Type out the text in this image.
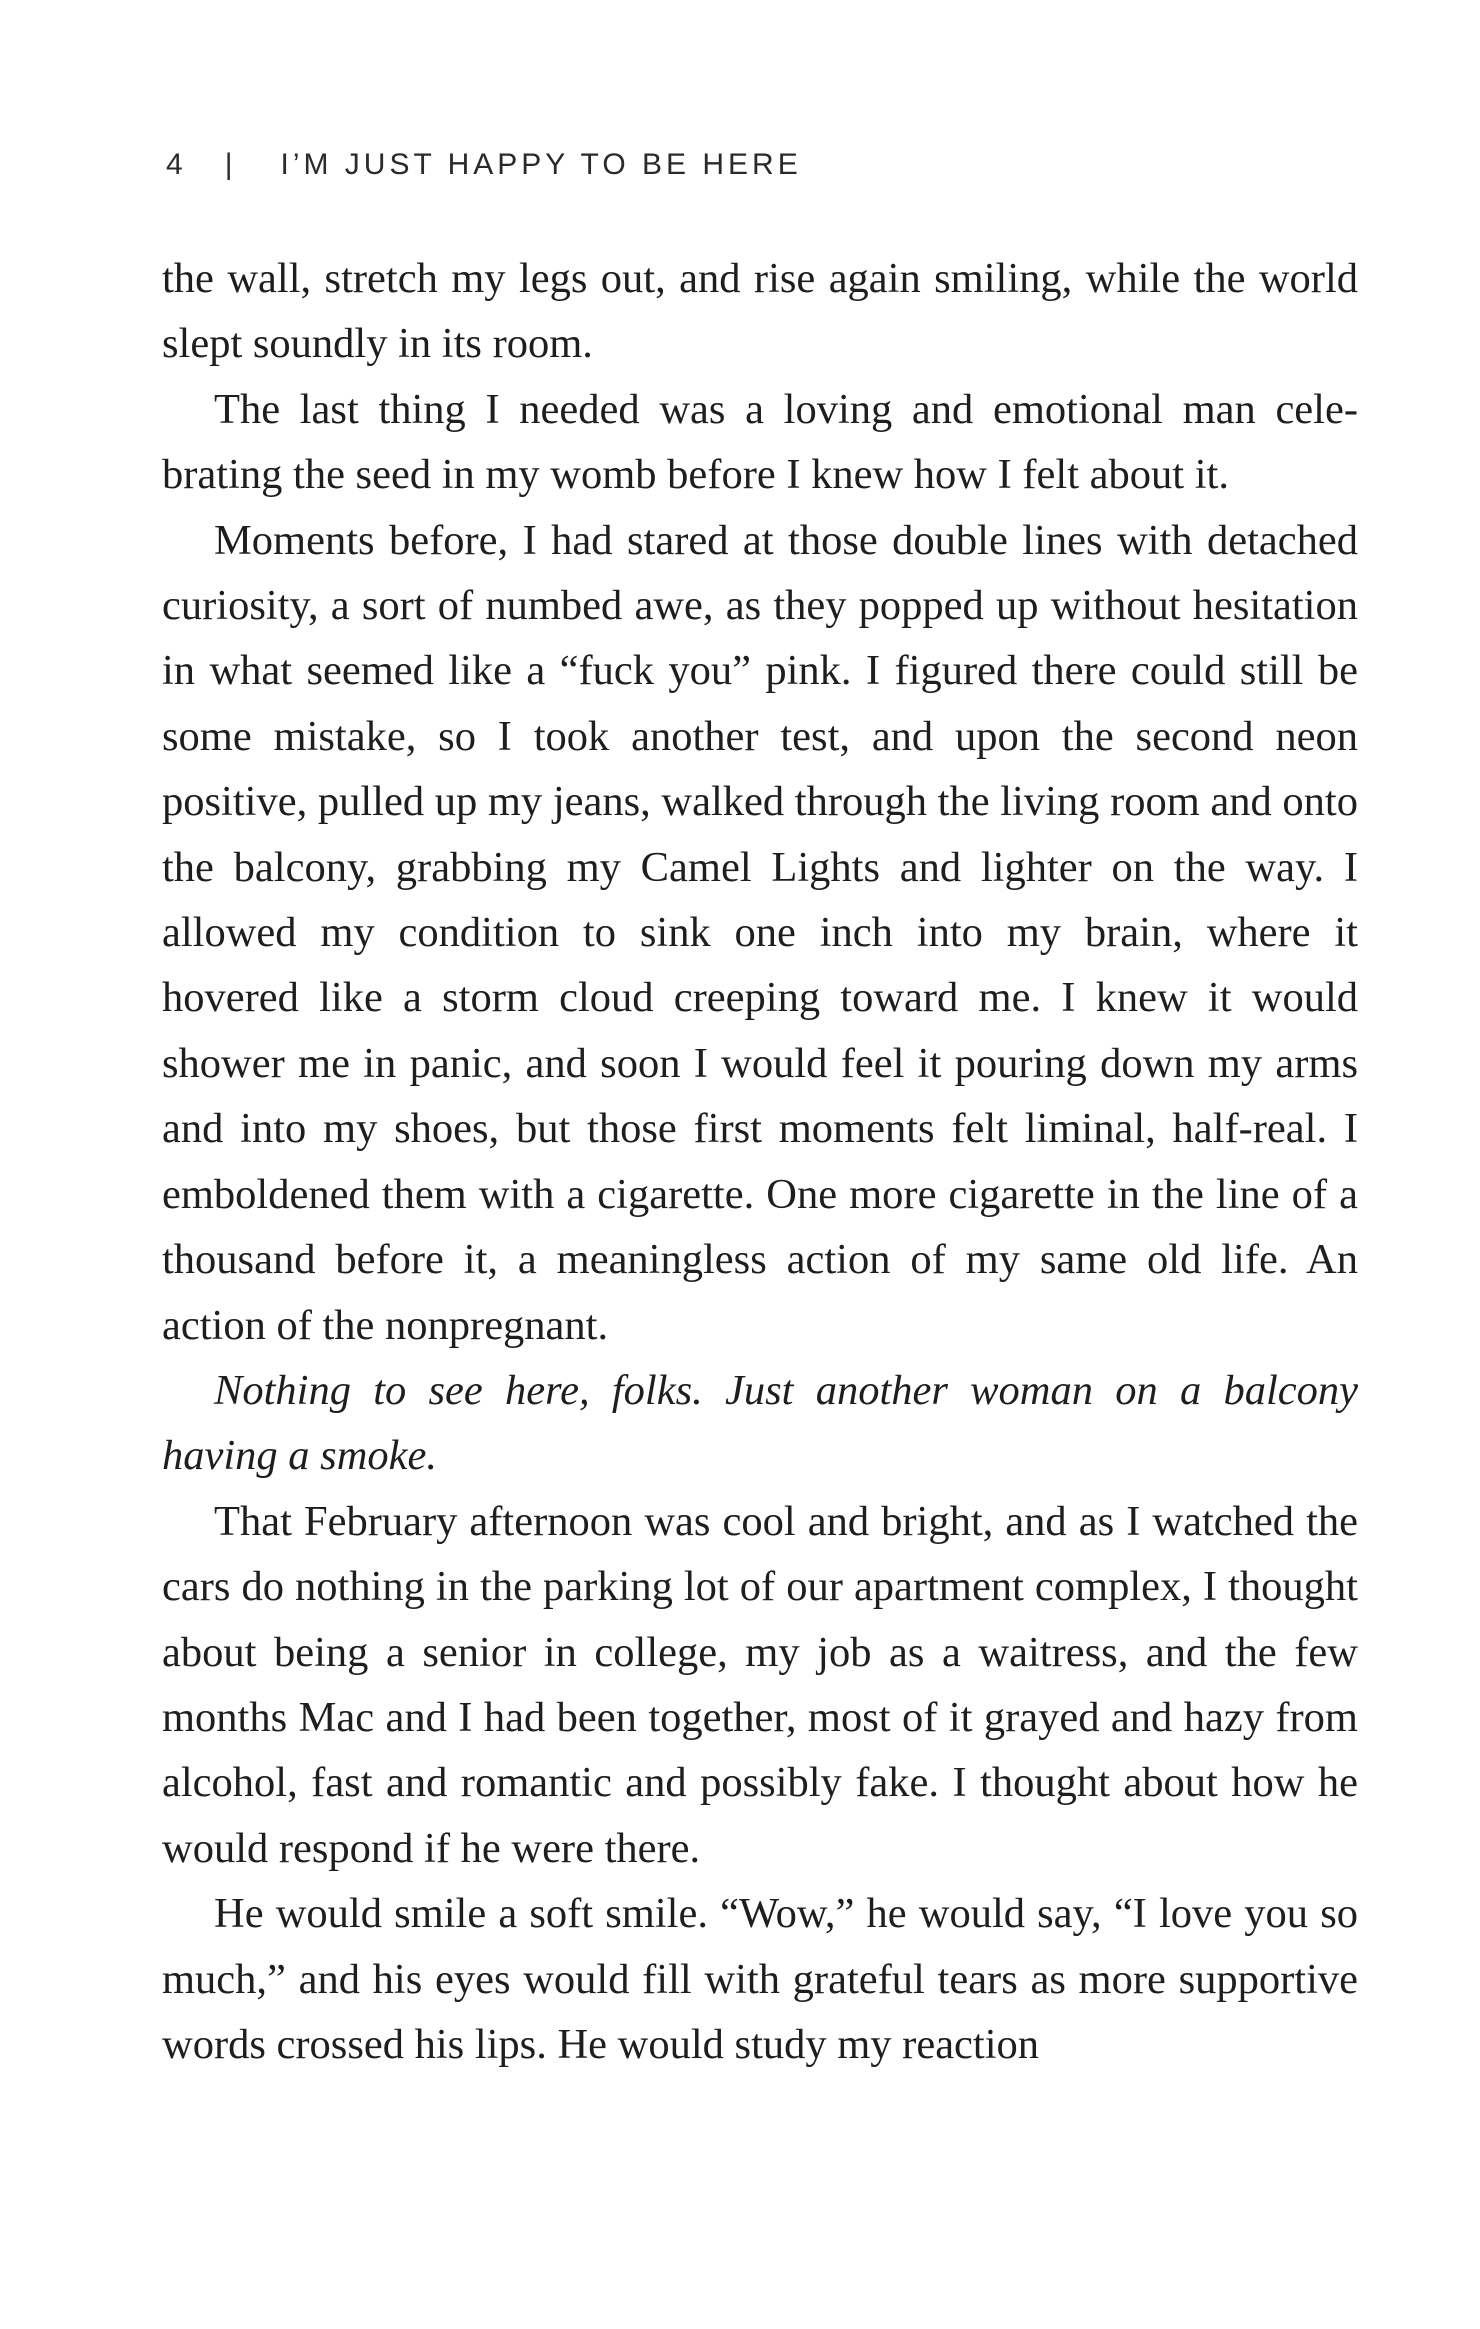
4 | I’M JUST HAPPY TO BE HERE

the wall, stretch my legs out, and rise again smiling, while the world slept soundly in its room.

The last thing I needed was a loving and emotional man celebrating the seed in my womb before I knew how I felt about it.

Moments before, I had stared at those double lines with detached curiosity, a sort of numbed awe, as they popped up without hesitation in what seemed like a “fuck you” pink. I figured there could still be some mistake, so I took another test, and upon the second neon positive, pulled up my jeans, walked through the living room and onto the balcony, grabbing my Camel Lights and lighter on the way. I allowed my condition to sink one inch into my brain, where it hovered like a storm cloud creeping toward me. I knew it would shower me in panic, and soon I would feel it pouring down my arms and into my shoes, but those first moments felt liminal, half-real. I emboldened them with a cigarette. One more cigarette in the line of a thousand before it, a meaningless action of my same old life. An action of the nonpregnant.

Nothing to see here, folks. Just another woman on a balcony having a smoke.

That February afternoon was cool and bright, and as I watched the cars do nothing in the parking lot of our apartment complex, I thought about being a senior in college, my job as a waitress, and the few months Mac and I had been together, most of it grayed and hazy from alcohol, fast and romantic and possibly fake. I thought about how he would respond if he were there.

He would smile a soft smile. “Wow,” he would say, “I love you so much,” and his eyes would fill with grateful tears as more supportive words crossed his lips. He would study my reaction
